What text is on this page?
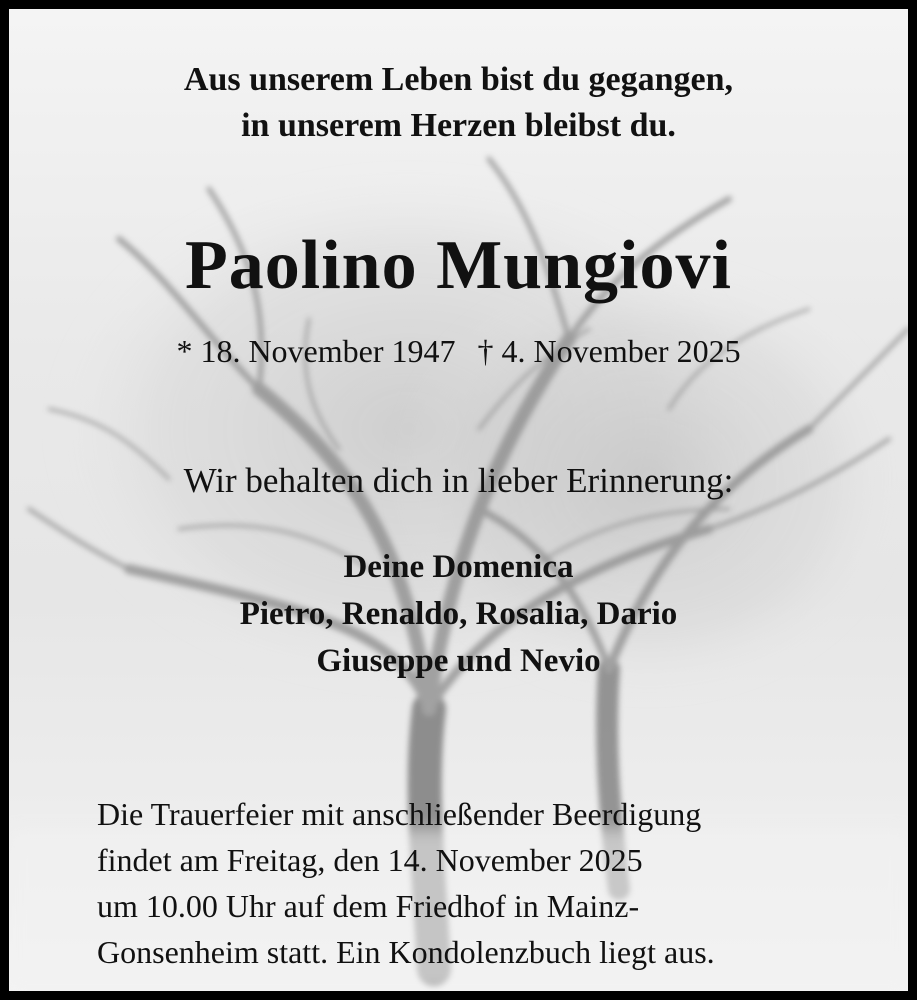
Aus unserem Leben bist du gegangen,
in unserem Herzen bleibst du.
Paolino Mungiovi
* 18. November 1947 † 4. November 2025
Wir behalten dich in lieber Erinnerung:
Deine Domenica
Pietro, Renaldo, Rosalia, Dario
Giuseppe und Nevio
Die Trauerfeier mit anschließender Beerdigung
findet am Freitag, den 14. November 2025
um 10.00 Uhr auf dem Friedhof in Mainz-
Gonsenheim statt. Ein Kondolenzbuch liegt aus.
